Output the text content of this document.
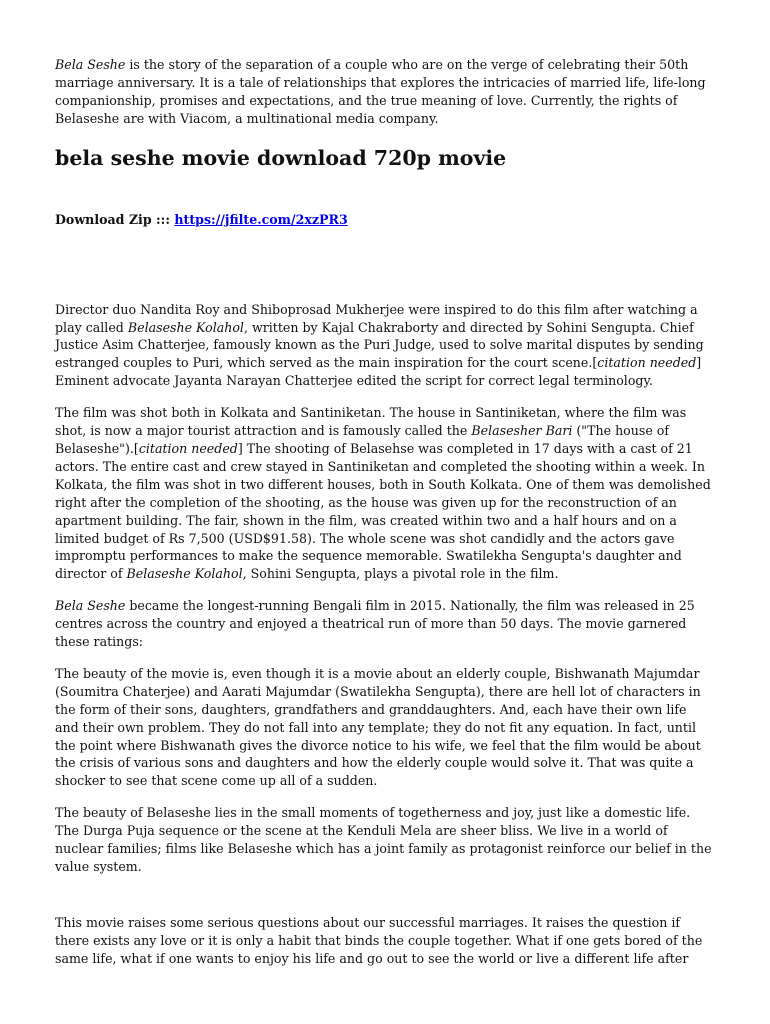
Bela Seshe is the story of the separation of a couple who are on the verge of celebrating their 50th marriage anniversary. It is a tale of relationships that explores the intricacies of married life, life-long companionship, promises and expectations, and the true meaning of love. Currently, the rights of Belaseshe are with Viacom, a multinational media company.

bela seshe movie download 720p movie
Download Zip ::: https://jfilte.com/2xzPR3

Director duo Nandita Roy and Shiboprosad Mukherjee were inspired to do this film after watching a play called Belaseshe Kolahol, written by Kajal Chakraborty and directed by Sohini Sengupta. Chief Justice Asim Chatterjee, famously known as the Puri Judge, used to solve marital disputes by sending estranged couples to Puri, which served as the main inspiration for the court scene.[citation needed] Eminent advocate Jayanta Narayan Chatterjee edited the script for correct legal terminology.

The film was shot both in Kolkata and Santiniketan. The house in Santiniketan, where the film was shot, is now a major tourist attraction and is famously called the Belasesher Bari ("The house of Belaseshe").[citation needed] The shooting of Belasehse was completed in 17 days with a cast of 21 actors. The entire cast and crew stayed in Santiniketan and completed the shooting within a week. In Kolkata, the film was shot in two different houses, both in South Kolkata. One of them was demolished right after the completion of the shooting, as the house was given up for the reconstruction of an apartment building. The fair, shown in the film, was created within two and a half hours and on a limited budget of Rs 7,500 (USD$91.58). The whole scene was shot candidly and the actors gave impromptu performances to make the sequence memorable. Swatilekha Sengupta's daughter and director of Belaseshe Kolahol, Sohini Sengupta, plays a pivotal role in the film.

Bela Seshe became the longest-running Bengali film in 2015. Nationally, the film was released in 25 centres across the country and enjoyed a theatrical run of more than 50 days. The movie garnered these ratings:

The beauty of the movie is, even though it is a movie about an elderly couple, Bishwanath Majumdar (Soumitra Chaterjee) and Aarati Majumdar (Swatilekha Sengupta), there are hell lot of characters in the form of their sons, daughters, grandfathers and granddaughters. And, each have their own life and their own problem. They do not fall into any template; they do not fit any equation. In fact, until the point where Bishwanath gives the divorce notice to his wife, we feel that the film would be about the crisis of various sons and daughters and how the elderly couple would solve it. That was quite a shocker to see that scene come up all of a sudden.

The beauty of Belaseshe lies in the small moments of togetherness and joy, just like a domestic life. The Durga Puja sequence or the scene at the Kenduli Mela are sheer bliss. We live in a world of nuclear families; films like Belaseshe which has a joint family as protagonist reinforce our belief in the value system.

This movie raises some serious questions about our successful marriages. It raises the question if there exists any love or it is only a habit that binds the couple together. What if one gets bored of the same life, what if one wants to enjoy his life and go out to see the world or live a different life after
